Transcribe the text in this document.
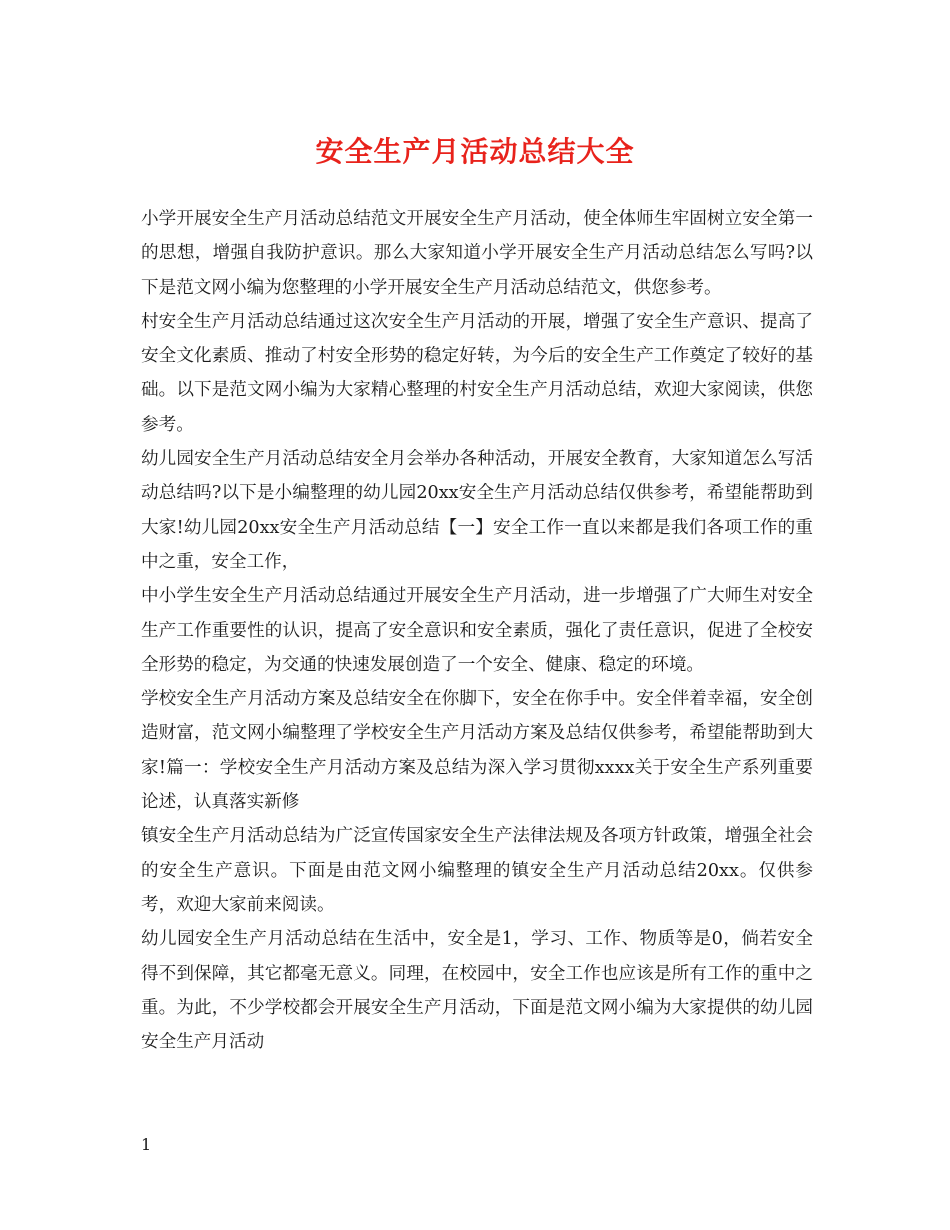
安全生产月活动总结大全

小学开展安全生产月活动总结范文开展安全生产月活动，使全体师生牢固树立安全第一的思想，增强自我防护意识。那么大家知道小学开展安全生产月活动总结怎么写吗?以下是范文网小编为您整理的小学开展安全生产月活动总结范文，供您参考。

村安全生产月活动总结通过这次安全生产月活动的开展，增强了安全生产意识、提高了安全文化素质、推动了村安全形势的稳定好转，为今后的安全生产工作奠定了较好的基础。以下是范文网小编为大家精心整理的村安全生产月活动总结，欢迎大家阅读，供您参考。

幼儿园安全生产月活动总结安全月会举办各种活动，开展安全教育，大家知道怎么写活动总结吗?以下是小编整理的幼儿园20xx安全生产月活动总结仅供参考，希望能帮助到大家!幼儿园20xx安全生产月活动总结【一】安全工作一直以来都是我们各项工作的重中之重，安全工作，

中小学生安全生产月活动总结通过开展安全生产月活动，进一步增强了广大师生对安全生产工作重要性的认识，提高了安全意识和安全素质，强化了责任意识，促进了全校安全形势的稳定，为交通的快速发展创造了一个安全、健康、稳定的环境。

学校安全生产月活动方案及总结安全在你脚下，安全在你手中。安全伴着幸福，安全创造财富，范文网小编整理了学校安全生产月活动方案及总结仅供参考，希望能帮助到大家!篇一：学校安全生产月活动方案及总结为深入学习贯彻xxxx关于安全生产系列重要论述，认真落实新修

镇安全生产月活动总结为广泛宣传国家安全生产法律法规及各项方针政策，增强全社会的安全生产意识。下面是由范文网小编整理的镇安全生产月活动总结20xx。仅供参考，欢迎大家前来阅读。

幼儿园安全生产月活动总结在生活中，安全是1，学习、工作、物质等是0，倘若安全得不到保障，其它都毫无意义。同理，在校园中，安全工作也应该是所有工作的重中之重。为此，不少学校都会开展安全生产月活动，下面是范文网小编为大家提供的幼儿园安全生产月活动

1
